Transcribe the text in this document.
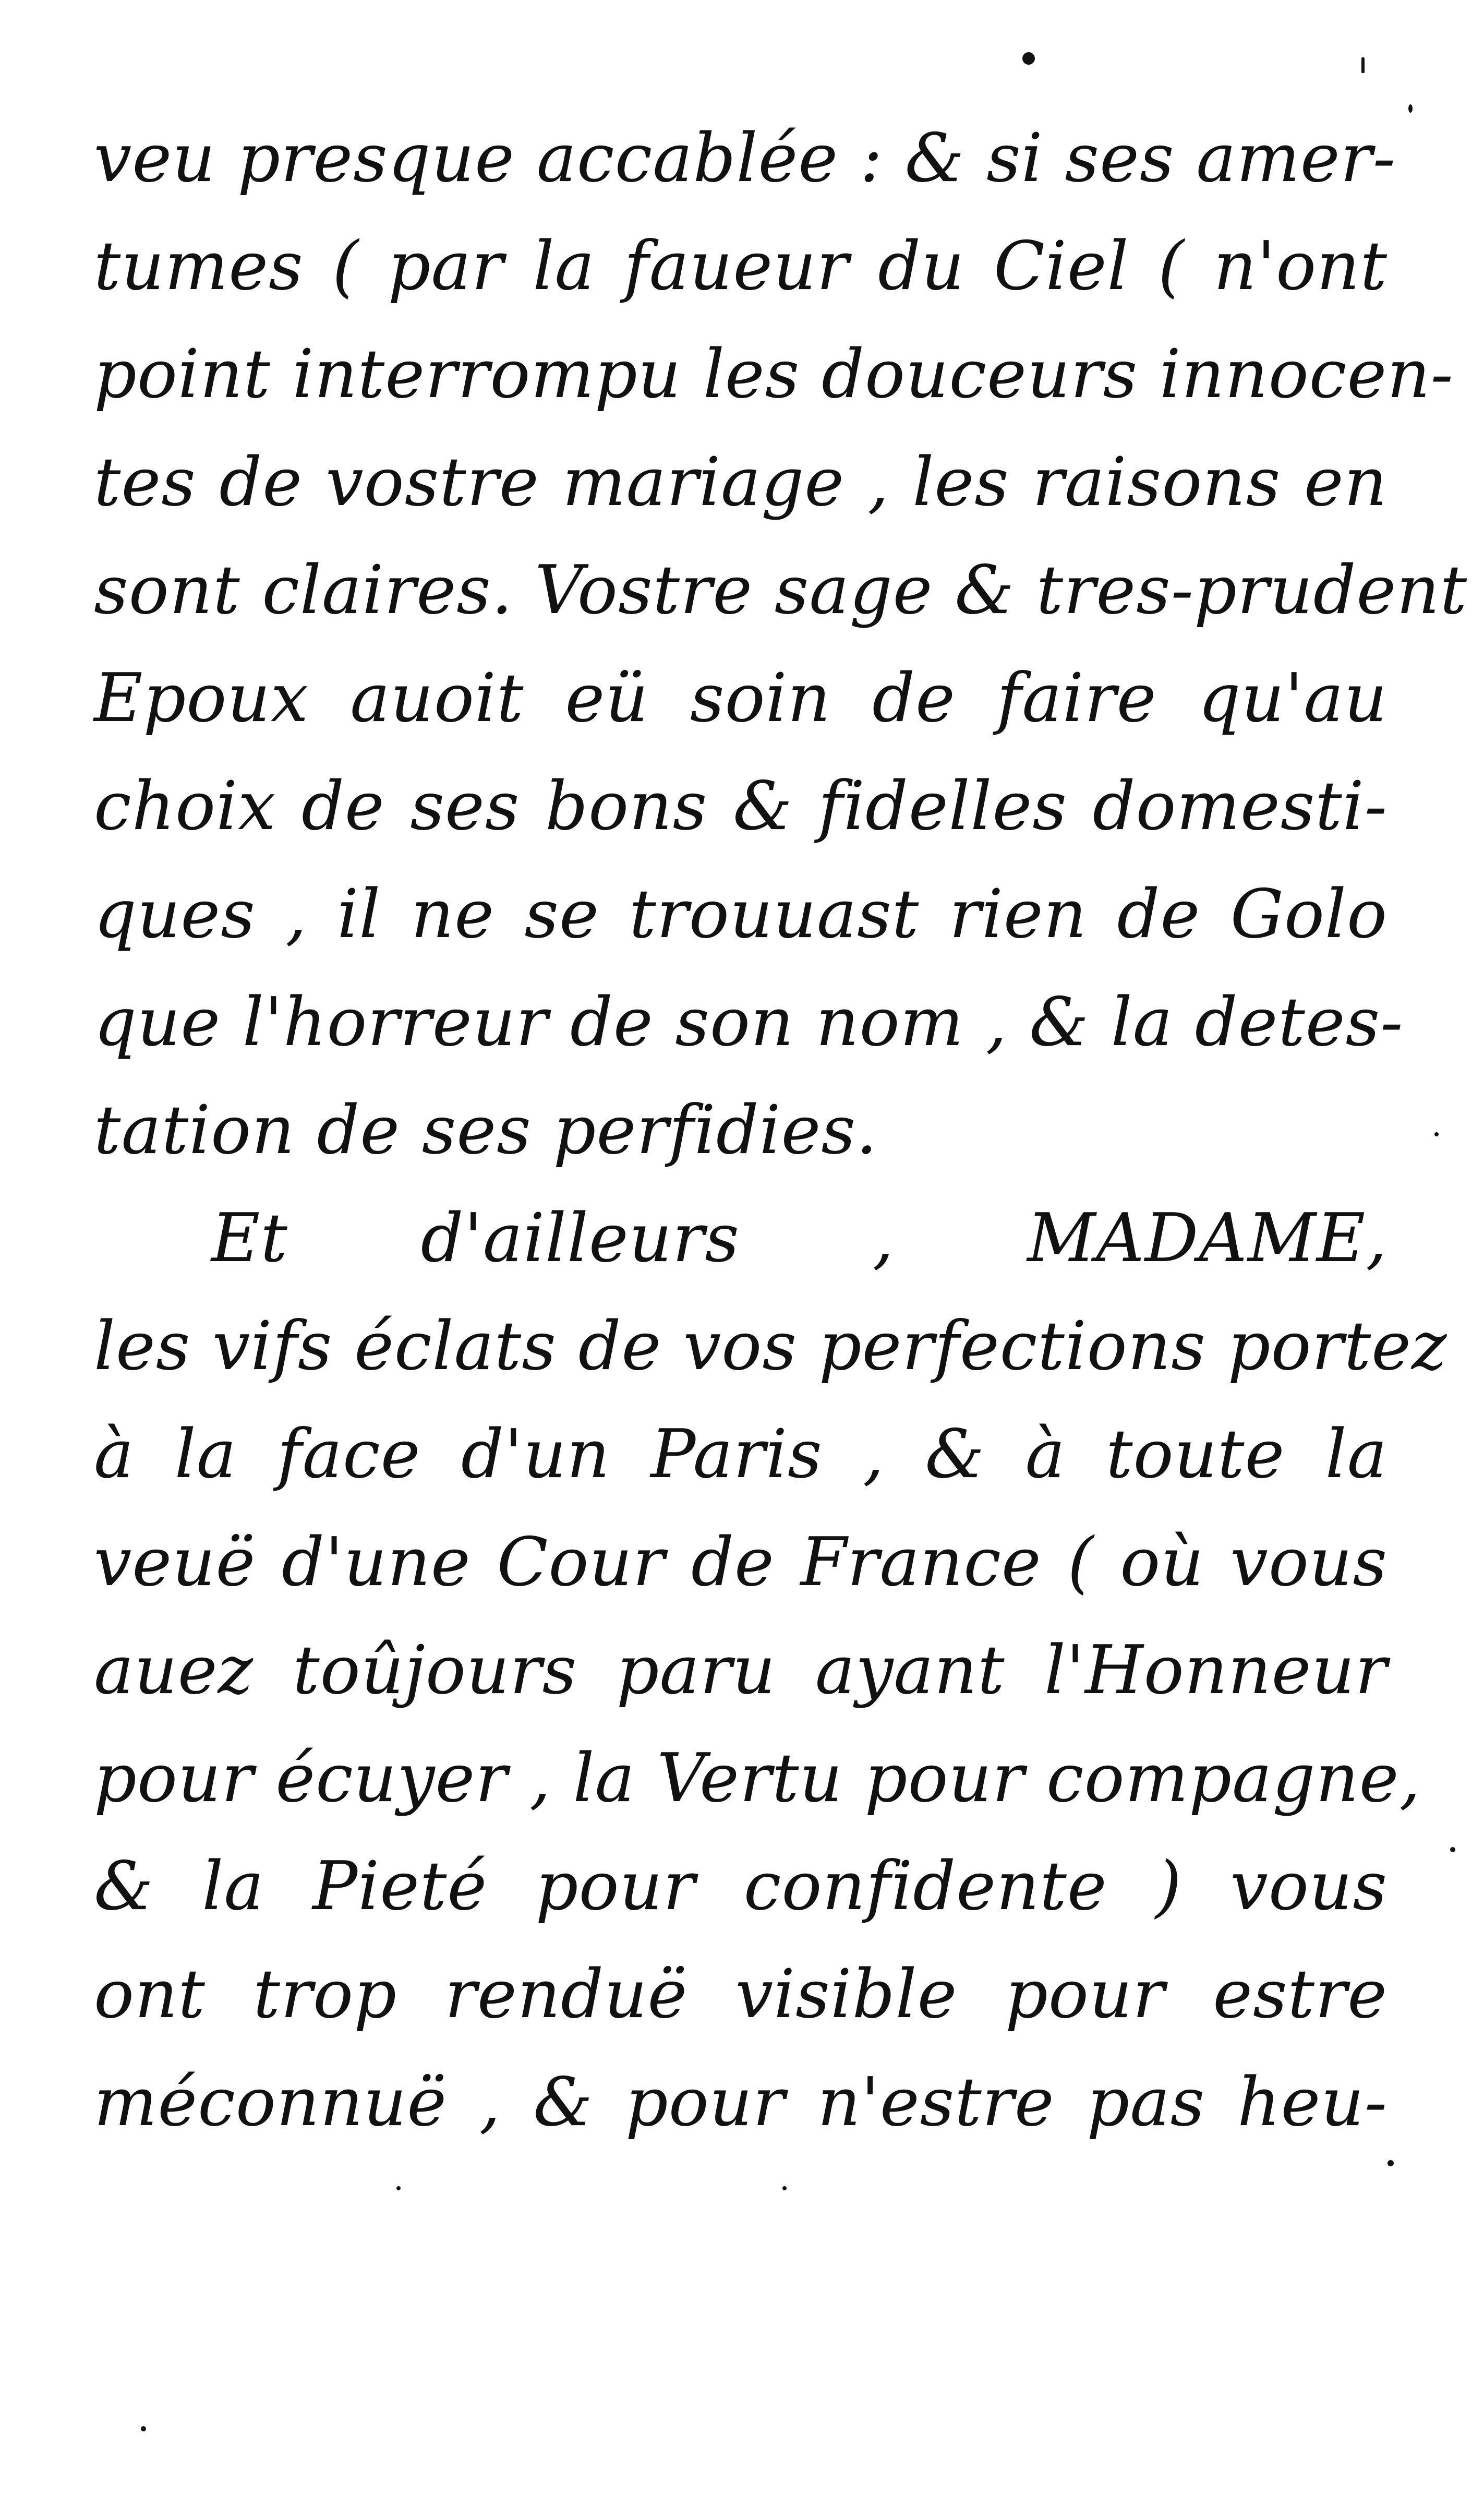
veu presque accablée : & si ses amer-
tumes ( par la faueur du Ciel ( n'ont
point interrompu les douceurs innocen-
tes de vostre mariage , les raisons en
sont claires. Vostre sage & tres-prudent
Epoux auoit eü soin de faire qu'au
choix de ses bons & fidelles domesti-
ques , il ne se trouuast rien de Golo
que l'horreur de son nom , & la detes-
tation de ses perfidies.
Et d'ailleurs , MADAME,
les vifs éclats de vos perfections portez
à la face d'un Paris , & à toute la
veuë d'une Cour de France ( où vous
auez toûjours paru ayant l'Honneur
pour écuyer , la Vertu pour compagne,
& la Pieté pour confidente ) vous
ont trop renduë visible pour estre
méconnuë , & pour n'estre pas heu-
